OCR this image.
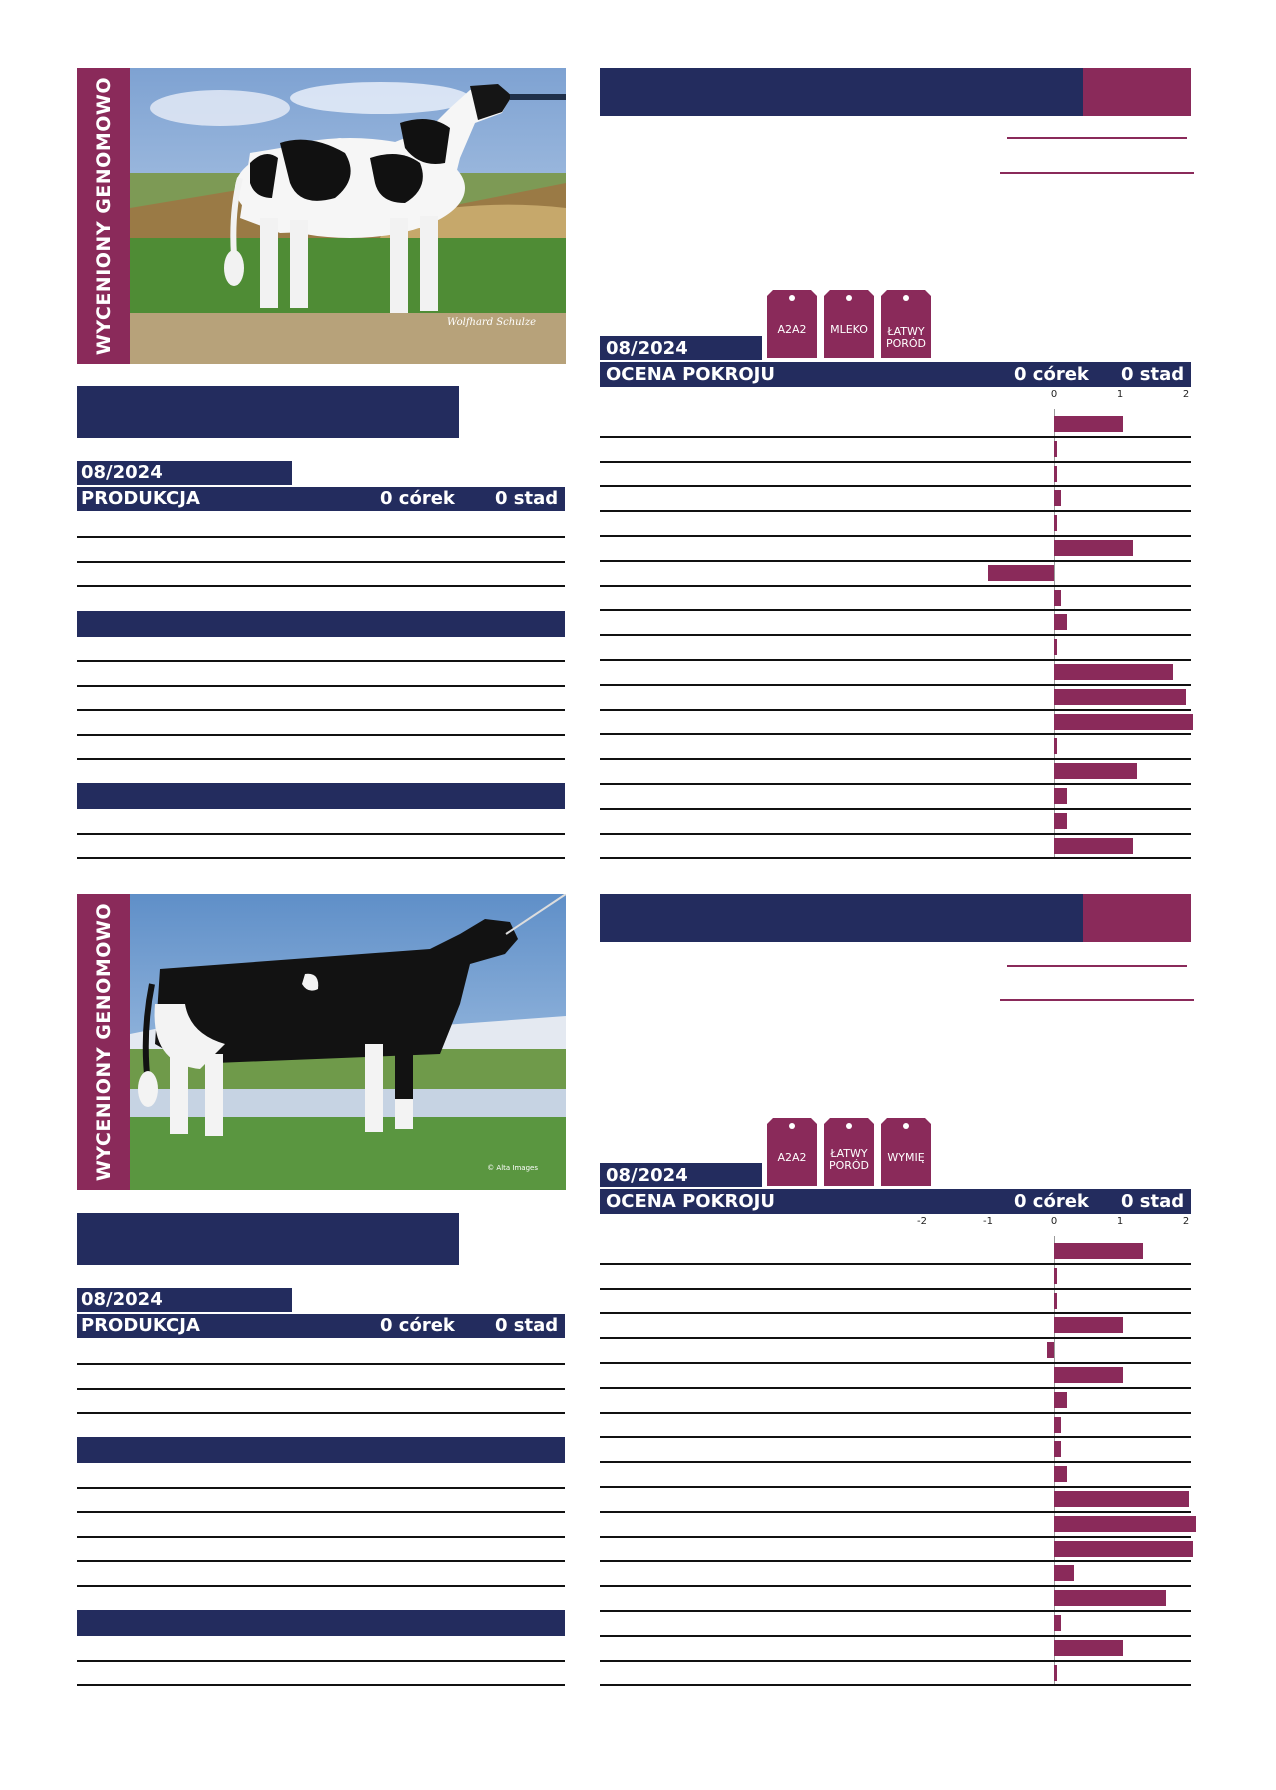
WYCENIONY GENOMOWO	Wolfhard Schulze
08/2024
PRODUKCJA	0 córek 0 stad
A2A2	MLEKO	ŁATWY PORÓD
08/2024
OCENA POKROJU	0 córek 0 stad
0	1	2
WYCENIONY GENOMOWO	© Alta Images
08/2024
PRODUKCJA	0 córek 0 stad
A2A2	ŁATWY PORÓD
WYMIĘ
08/2024
OCENA POKROJU	0 córek 0 stad
-2	-1	0	1	2
